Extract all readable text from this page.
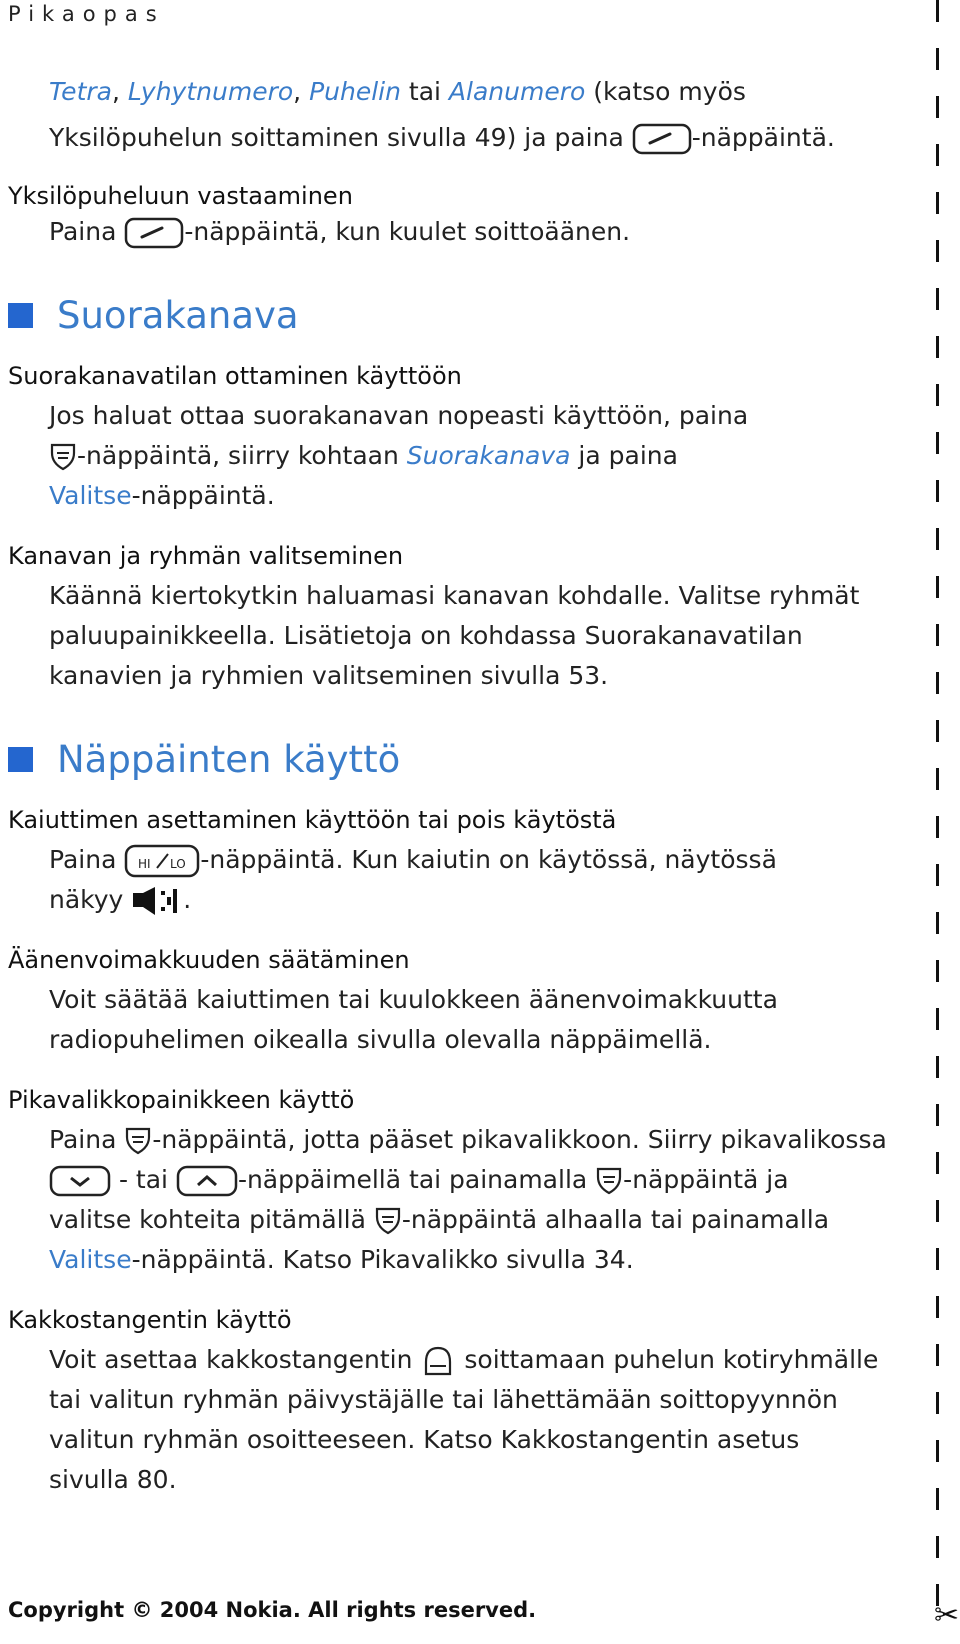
Pikaopas
Tetra, Lyhytnumero, Puhelin tai Alanumero (katso myös
Yksilöpuhelun soittaminen sivulla 49) ja paina
-näppäintä.
Yksilöpuheluun vastaaminen
Paina
-näppäintä, kun kuulet soittoäänen.
Suorakanava
Suorakanavatilan ottaminen käyttöön
Jos haluat ottaa suorakanavan nopeasti käyttöön, paina
-näppäintä, siirry kohtaan Suorakanava ja paina
Valitse-näppäintä.
Kanavan ja ryhmän valitseminen
Käännä kiertokytkin haluamasi kanavan kohdalle. Valitse ryhmät
paluupainikkeella. Lisätietoja on kohdassa Suorakanavatilan
kanavien ja ryhmien valitseminen sivulla 53.
Näppäinten käyttö
Kaiuttimen asettaminen käyttöön tai pois käytöstä
Paina HI LO -näppäintä. Kun kaiutin on käytössä, näytössä
näkyy
.
Äänenvoimakkuuden säätäminen
Voit säätää kaiuttimen tai kuulokkeen äänenvoimakkuutta
radiopuhelimen oikealla sivulla olevalla näppäimellä.
Pikavalikkopainikkeen käyttö
Paina
-näppäintä, jotta pääset pikavalikkoon. Siirry pikavalikossa
- tai
-näppäimellä tai painamalla
-näppäintä ja
valitse kohteita pitämällä
-näppäintä alhaalla tai painamalla
Valitse-näppäintä. Katso Pikavalikko sivulla 34.
Kakkostangentin käyttö
Voit asettaa kakkostangentin
soittamaan puhelun kotiryhmälle
tai valitun ryhmän päivystäjälle tai lähettämään soittopyynnön
valitun ryhmän osoitteeseen. Katso Kakkostangentin asetus
sivulla 80.
Copyright © 2004 Nokia. All rights reserved.	✂
